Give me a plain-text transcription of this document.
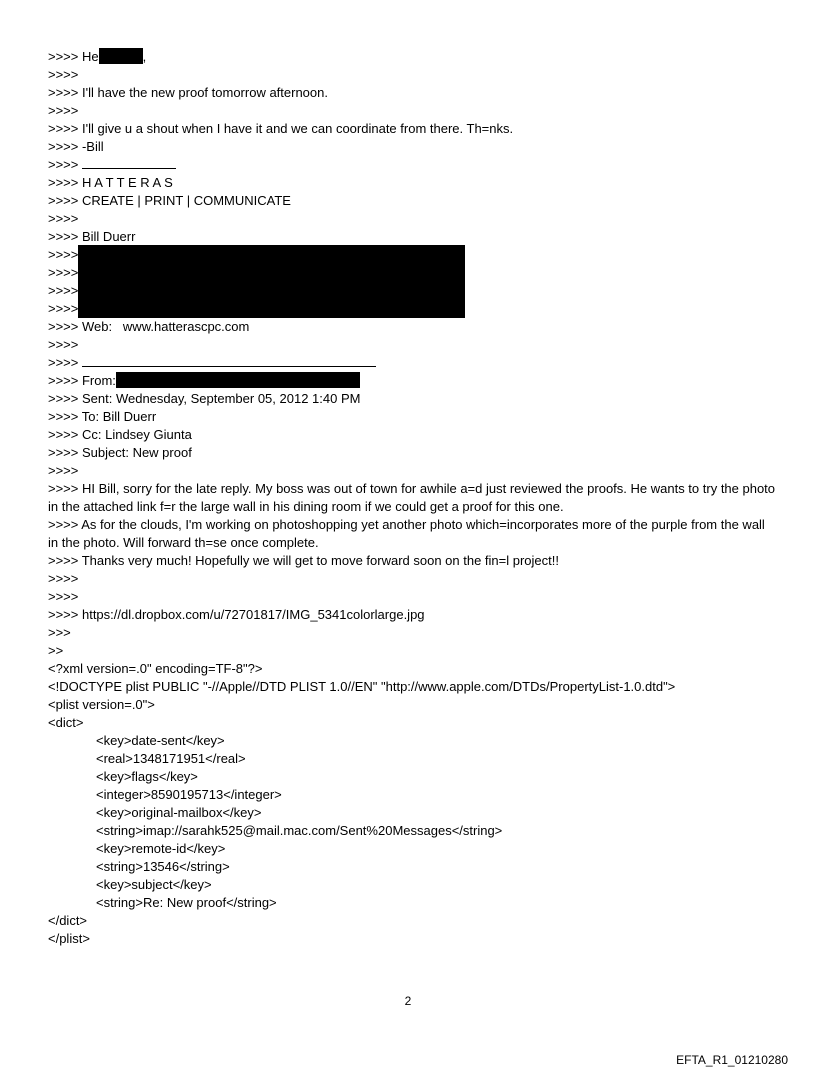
>>>> He	,
>>>>
>>>> I'll have the new proof tomorrow afternoon.
>>>>
>>>> I'll give u a shout when I have it and we can coordinate from there. Th=nks.
>>>> -Bill
>>>>
>>>> H A T T E R A S
>>>> CREATE | PRINT | COMMUNICATE
>>>>
>>>> Bill Duerr
>>>>
>>>>
>>>>
>>>>
>>>> Web:   www.hatterascpc.com
>>>>
>>>>
>>>> From:
>>>> Sent: Wednesday, September 05, 2012 1:40 PM
>>>> To: Bill Duerr
>>>> Cc: Lindsey Giunta
>>>> Subject: New proof
>>>>
>>>> HI Bill, sorry for the late reply. My boss was out of town for awhile a=d just reviewed the proofs. He wants to try the photo in the attached link f=r the large wall in his dining room if we could get a proof for this one.
>>>> As for the clouds, I'm working on photoshopping yet another photo which=incorporates more of the purple from the wall in the photo. Will forward th=se once complete.
>>>> Thanks very much! Hopefully we will get to move forward soon on the fin=l project!!
>>>>
>>>>
>>>> https://dl.dropbox.com/u/72701817/IMG_5341colorlarge.jpg
>>>
>>
<?xml version=.0" encoding=TF-8"?>
<!DOCTYPE plist PUBLIC "-//Apple//DTD PLIST 1.0//EN" "http://www.apple.com/DTDs/PropertyList-1.0.dtd">
<plist version=.0">
<dict>
<key>date-sent</key>
<real>1348171951</real>
<key>flags</key>
<integer>8590195713</integer>
<key>original-mailbox</key>
<string>imap://sarahk525@mail.mac.com/Sent%20Messages</string>
<key>remote-id</key>
<string>13546</string>
<key>subject</key>
<string>Re: New proof</string>
</dict>
</plist>
2
EFTA_R1_01210280
